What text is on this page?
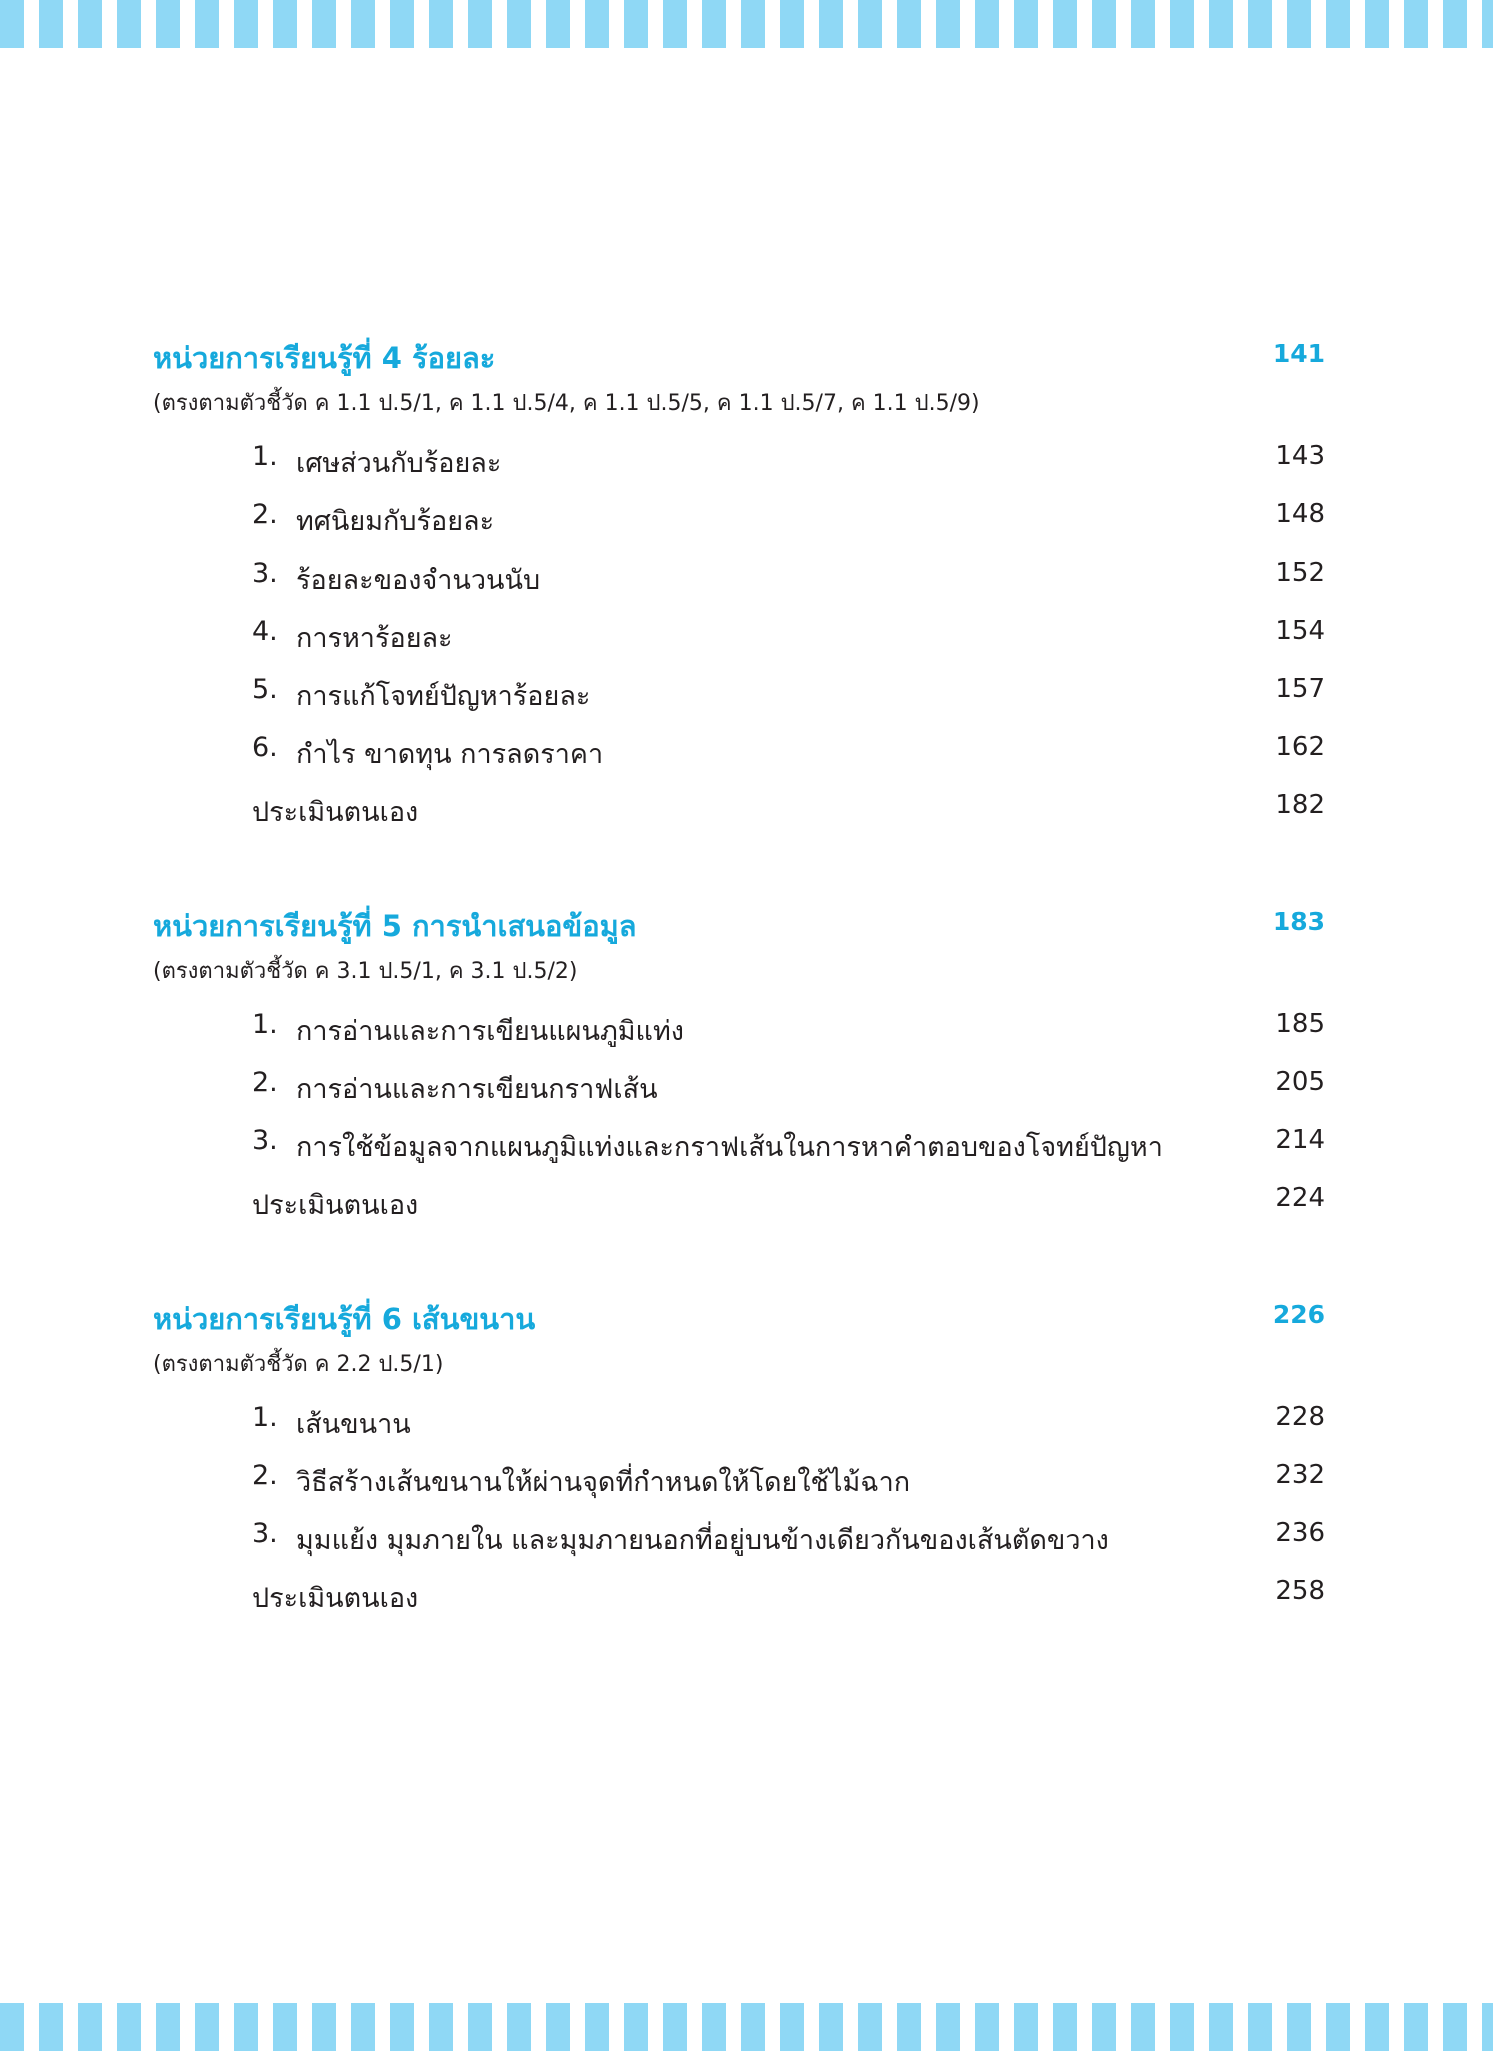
หน่วยการเรียนรู้ที่ 4 ร้อยละ	141
(ตรงตามตัวชี้วัด ค 1.1 ป.5/1, ค 1.1 ป.5/4, ค 1.1 ป.5/5, ค 1.1 ป.5/7, ค 1.1 ป.5/9)
1. เศษส่วนกับร้อยละ	143
2. ทศนิยมกับร้อยละ	148
3. ร้อยละของจำนวนนับ	152
4. การหาร้อยละ	154
5. การแก้โจทย์ปัญหาร้อยละ	157
6. กำไร ขาดทุน การลดราคา	162
ประเมินตนเอง	182
หน่วยการเรียนรู้ที่ 5 การนำเสนอข้อมูล	183
(ตรงตามตัวชี้วัด ค 3.1 ป.5/1, ค 3.1 ป.5/2)
1. การอ่านและการเขียนแผนภูมิแท่ง	185
2. การอ่านและการเขียนกราฟเส้น	205
3. การใช้ข้อมูลจากแผนภูมิแท่งและกราฟเส้นในการหาคำตอบของโจทย์ปัญหา	214
ประเมินตนเอง	224
หน่วยการเรียนรู้ที่ 6 เส้นขนาน	226
(ตรงตามตัวชี้วัด ค 2.2 ป.5/1)
1. เส้นขนาน	228
2. วิธีสร้างเส้นขนานให้ผ่านจุดที่กำหนดให้โดยใช้ไม้ฉาก	232
3. มุมแย้ง มุมภายใน และมุมภายนอกที่อยู่บนข้างเดียวกันของเส้นตัดขวาง	236
ประเมินตนเอง	258
